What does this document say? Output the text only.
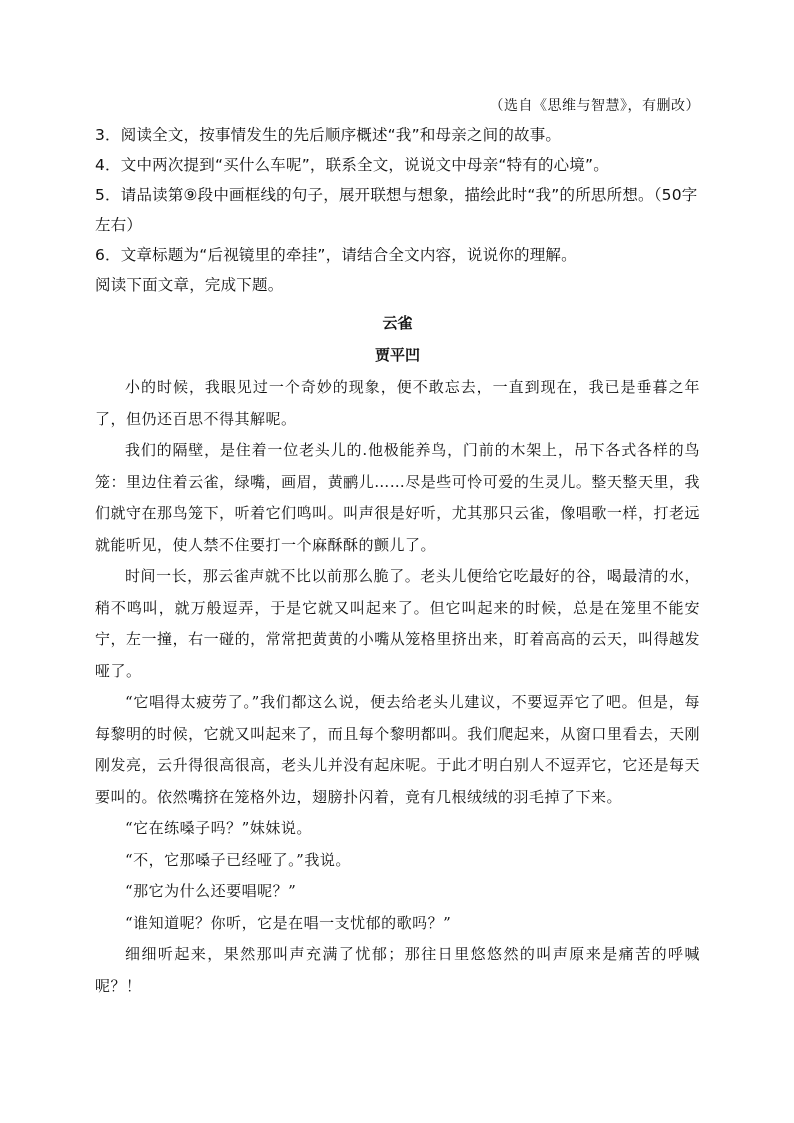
（选自《思维与智慧》，有删改）

3．阅读全文，按事情发生的先后顺序概述“我”和母亲之间的故事。

4．文中两次提到“买什么车呢”，联系全文，说说文中母亲“特有的心境”。

5．请品读第⑨段中画框线的句子，展开联想与想象，描绘此时“我”的所思所想。（50字左右）

6．文章标题为“后视镜里的牵挂”，请结合全文内容，说说你的理解。

阅读下面文章，完成下题。

云雀
贾平凹

小的时候，我眼见过一个奇妙的现象，便不敢忘去，一直到现在，我已是垂暮之年了，但仍还百思不得其解呢。

我们的隔壁，是住着一位老头儿的.他极能养鸟，门前的木架上，吊下各式各样的鸟笼：里边住着云雀，绿嘴，画眉，黄鹂儿……尽是些可怜可爱的生灵儿。整天整天里，我们就守在那鸟笼下，听着它们鸣叫。叫声很是好听，尤其那只云雀，像唱歌一样，打老远就能听见，使人禁不住要打一个麻酥酥的颤儿了。

时间一长，那云雀声就不比以前那么脆了。老头儿便给它吃最好的谷，喝最清的水，稍不鸣叫，就万般逗弄，于是它就又叫起来了。但它叫起来的时候，总是在笼里不能安宁，左一撞，右一碰的，常常把黄黄的小嘴从笼格里挤出来，盯着高高的云天，叫得越发哑了。

“它唱得太疲劳了。”我们都这么说，便去给老头儿建议，不要逗弄它了吧。但是，每每黎明的时候，它就又叫起来了，而且每个黎明都叫。我们爬起来，从窗口里看去，天刚刚发亮，云升得很高很高，老头儿并没有起床呢。于此才明白别人不逗弄它，它还是每天要叫的。依然嘴挤在笼格外边，翅膀扑闪着，竟有几根绒绒的羽毛掉了下来。

“它在练嗓子吗？”妹妹说。

“不，它那嗓子已经哑了。”我说。

“那它为什么还要唱呢？”

“谁知道呢？你听，它是在唱一支忧郁的歌吗？”

细细听起来，果然那叫声充满了忧郁；那往日里悠悠然的叫声原来是痛苦的呼喊呢？！
